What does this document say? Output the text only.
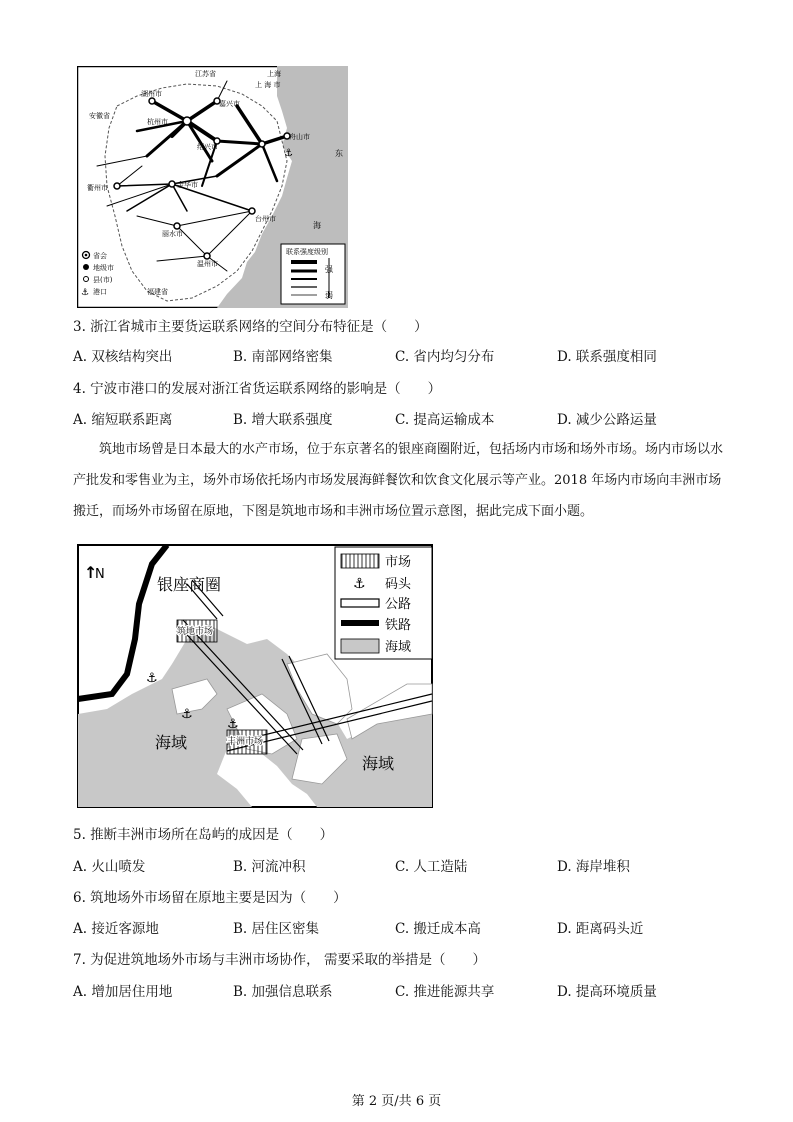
江苏省	上海
上 海 市
安徽省
湖州市
嘉兴市
杭州市
绍兴市
舟山市
衢州市	金华市
台州市
丽水市
温州市
福建省
东
海
⚓
省会
地级市
县(市)
⚓ 港口
联系强度级别
强
弱
3. 浙江省城市主要货运联系网络的空间分布特征是（　　）
A. 双核结构突出	B. 南部网络密集	C. 省内均匀分布	D. 联系强度相同
4. 宁波市港口的发展对浙江省货运联系网络的影响是（　　）
A. 缩短联系距离	B. 增大联系强度	C. 提高运输成本	D. 减少公路运量
筑地市场曾是日本最大的水产市场，位于东京著名的银座商圈附近，包括场内市场和场外市场。场内市场以水产批发和零售业为主，场外市场依托场内市场发展海鲜餐饮和饮食文化展示等产业。2018 年场内市场向丰洲市场搬迁，而场外市场留在原地，下图是筑地市场和丰洲市场位置示意图，据此完成下面小题。
筑地市场
丰洲市场
⚓
⚓
⚓
↑
N
银座商圈
海域
海域
市场
⚓ 码头
公路
铁路
海域
5. 推断丰洲市场所在岛屿的成因是（　　）
A. 火山喷发	B. 河流冲积	C. 人工造陆	D. 海岸堆积
6. 筑地场外市场留在原地主要是因为（　　）
A. 接近客源地	B. 居住区密集	C. 搬迁成本高	D. 距离码头近
7. 为促进筑地场外市场与丰洲市场协作， 需要采取的举措是（　　）
A. 增加居住用地	B. 加强信息联系	C. 推进能源共享	D. 提高环境质量
第 2 页/共 6 页
